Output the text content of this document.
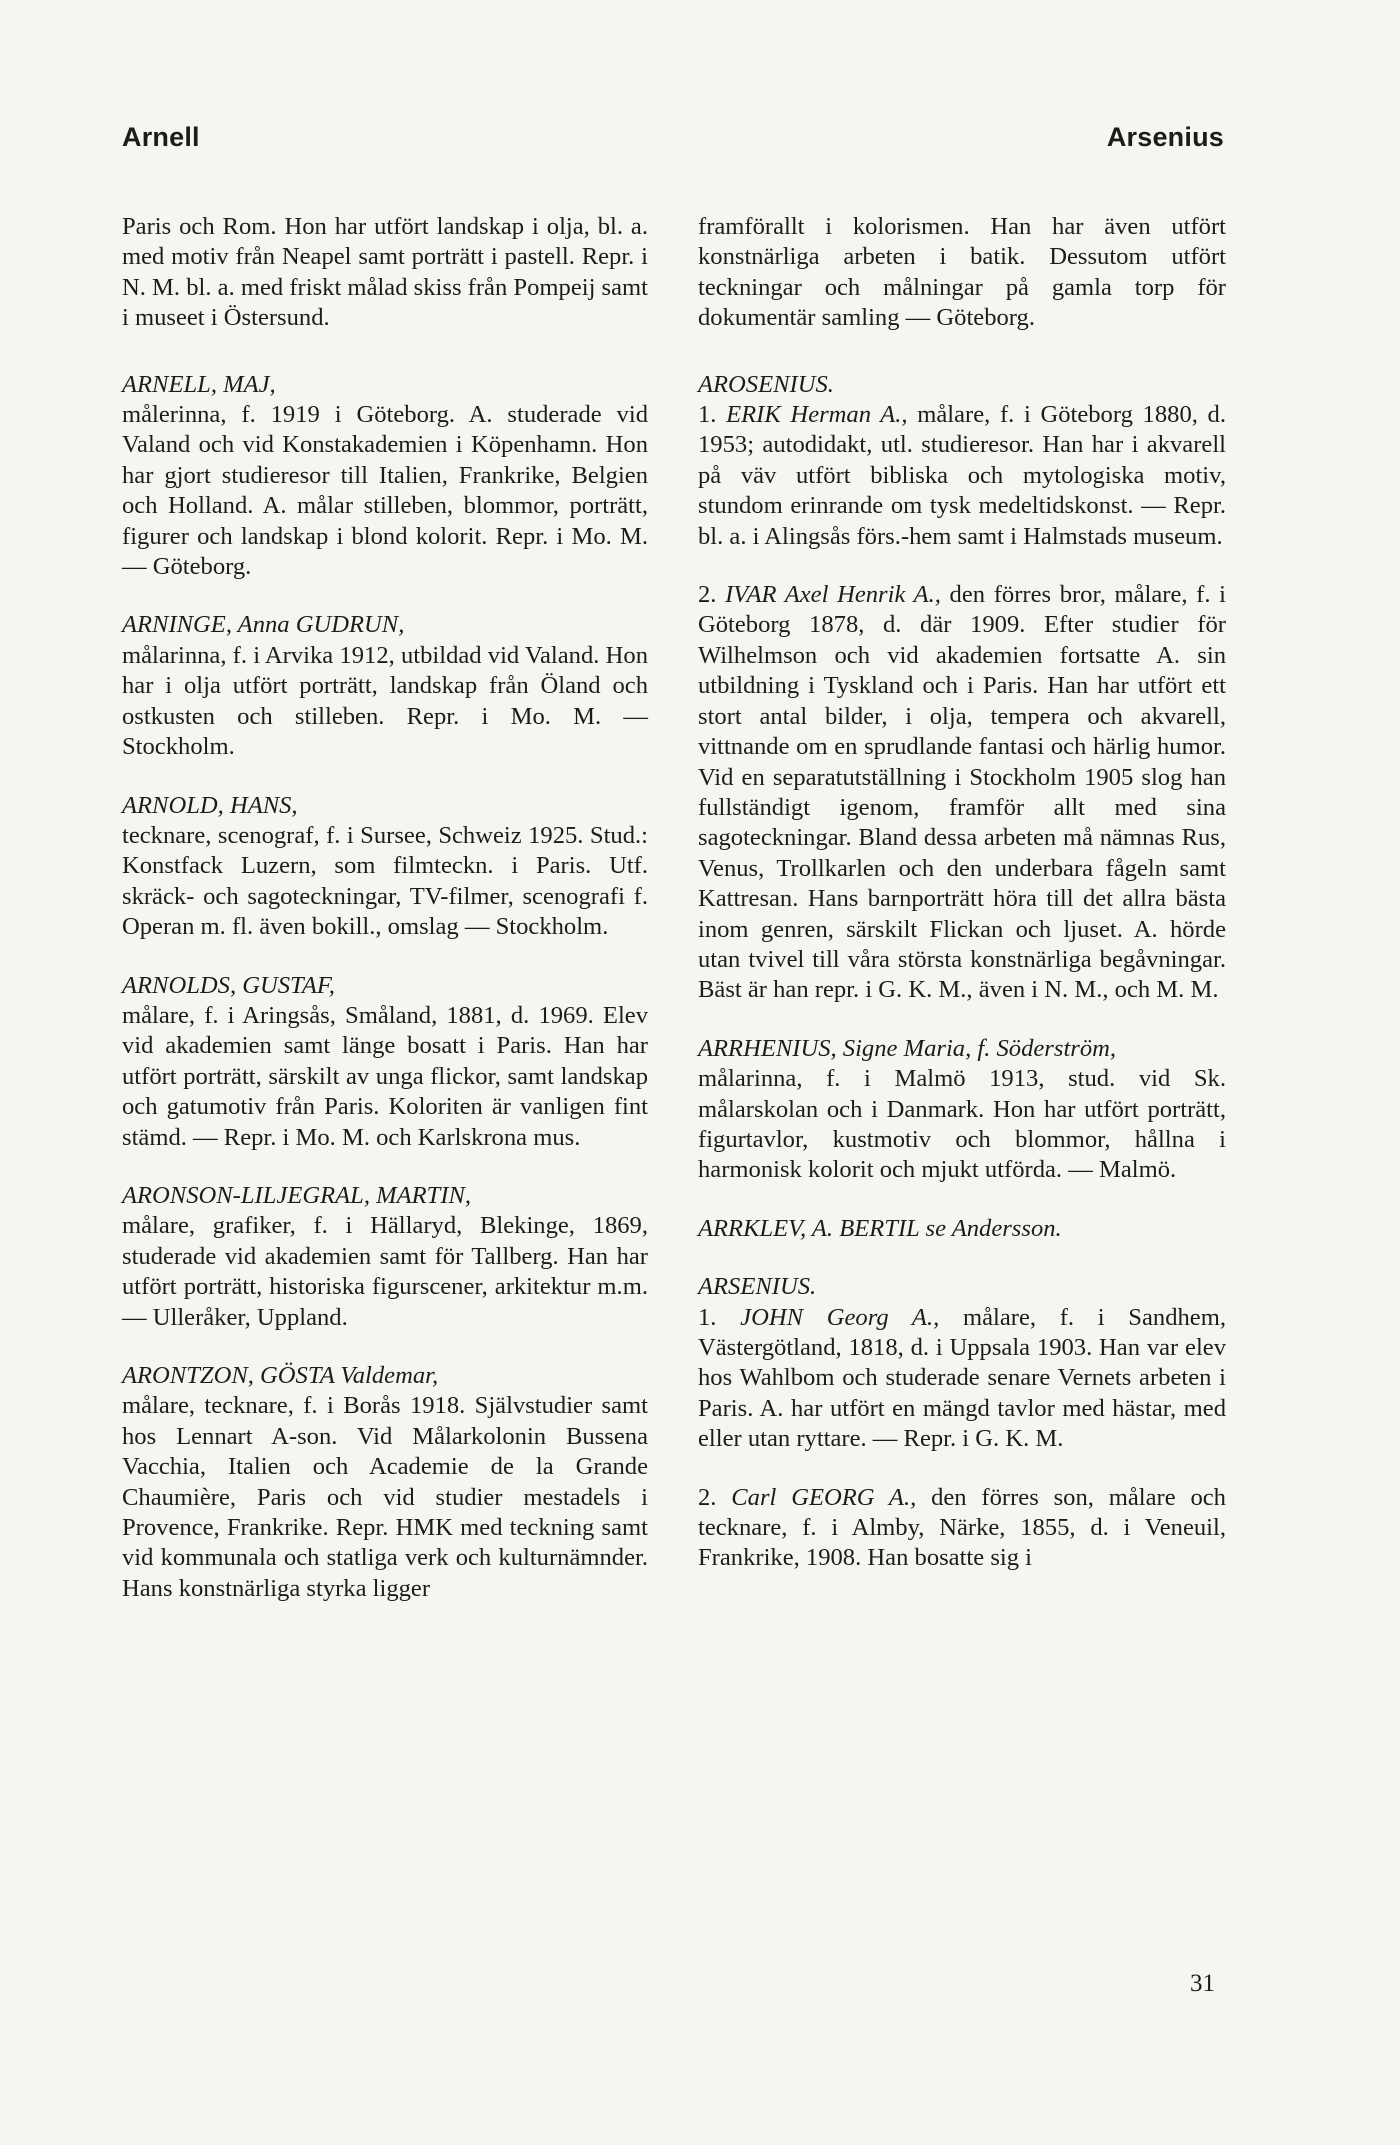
Arnell	Arsenius
Paris och Rom. Hon har utfört landskap i olja, bl. a. med motiv från Neapel samt porträtt i pastell. Repr. i N. M. bl. a. med friskt målad skiss från Pompeij samt i museet i Östersund.
ARNELL, MAJ,
målerinna, f. 1919 i Göteborg. A. studerade vid Valand och vid Konstakademien i Köpenhamn. Hon har gjort studieresor till Italien, Frankrike, Belgien och Holland. A. målar stilleben, blommor, porträtt, figurer och landskap i blond kolorit. Repr. i Mo. M. — Göteborg.
ARNINGE, Anna GUDRUN,
målarinna, f. i Arvika 1912, utbildad vid Valand. Hon har i olja utfört porträtt, landskap från Öland och ostkusten och stilleben. Repr. i Mo. M. — Stockholm.
ARNOLD, HANS,
tecknare, scenograf, f. i Sursee, Schweiz 1925. Stud.: Konstfack Luzern, som filmteckn. i Paris. Utf. skräck- och sagoteckningar, TV-filmer, scenografi f. Operan m. fl. även bokill., omslag — Stockholm.
ARNOLDS, GUSTAF,
målare, f. i Aringsås, Småland, 1881, d. 1969. Elev vid akademien samt länge bosatt i Paris. Han har utfört porträtt, särskilt av unga flickor, samt landskap och gatumotiv från Paris. Koloriten är vanligen fint stämd. — Repr. i Mo. M. och Karlskrona mus.
ARONSON-LILJEGRAL, MARTIN,
målare, grafiker, f. i Hällaryd, Blekinge, 1869, studerade vid akademien samt för Tallberg. Han har utfört porträtt, historiska figurscener, arkitektur m.m. — Ulleråker, Uppland.
ARONTZON, GÖSTA Valdemar,
målare, tecknare, f. i Borås 1918. Självstudier samt hos Lennart A-son. Vid Målarkolonin Bussena Vacchia, Italien och Academie de la Grande Chaumière, Paris och vid studier mestadels i Provence, Frankrike. Repr. HMK med teckning samt vid kommunala och statliga verk och kulturnämnder. Hans konstnärliga styrka ligger
framförallt i kolorismen. Han har även utfört konstnärliga arbeten i batik. Dessutom utfört teckningar och målningar på gamla torp för dokumentär samling — Göteborg.
AROSENIUS.

1. ERIK Herman A., målare, f. i Göteborg 1880, d. 1953; autodidakt, utl. studieresor. Han har i akvarell på väv utfört bibliska och mytologiska motiv, stundom erinrande om tysk medeltidskonst. — Repr. bl. a. i Alingsås förs.-hem samt i Halmstads museum.

2. IVAR Axel Henrik A., den förres bror, målare, f. i Göteborg 1878, d. där 1909. Efter studier för Wilhelmson och vid akademien fortsatte A. sin utbildning i Tyskland och i Paris. Han har utfört ett stort antal bilder, i olja, tempera och akvarell, vittnande om en sprudlande fantasi och härlig humor. Vid en separatutställning i Stockholm 1905 slog han fullständigt igenom, framför allt med sina sagoteckningar. Bland dessa arbeten må nämnas Rus, Venus, Trollkarlen och den underbara fågeln samt Kattresan. Hans barnporträtt höra till det allra bästa inom genren, särskilt Flickan och ljuset. A. hörde utan tvivel till våra största konstnärliga begåvningar. Bäst är han repr. i G. K. M., även i N. M., och M. M.

ARRHENIUS, Signe Maria, f. Söderström,
målarinna, f. i Malmö 1913, stud. vid Sk. målarskolan och i Danmark. Hon har utfört porträtt, figurtavlor, kustmotiv och blommor, hållna i harmonisk kolorit och mjukt utförda. — Malmö.
ARRKLEV, A. BERTIL se Andersson.
ARSENIUS.

1. JOHN Georg A., målare, f. i Sandhem, Västergötland, 1818, d. i Uppsala 1903. Han var elev hos Wahlbom och studerade senare Vernets arbeten i Paris. A. har utfört en mängd tavlor med hästar, med eller utan ryttare. — Repr. i G. K. M.

2. Carl GEORG A., den förres son, målare och tecknare, f. i Almby, Närke, 1855, d. i Veneuil, Frankrike, 1908. Han bosatte sig i

31
